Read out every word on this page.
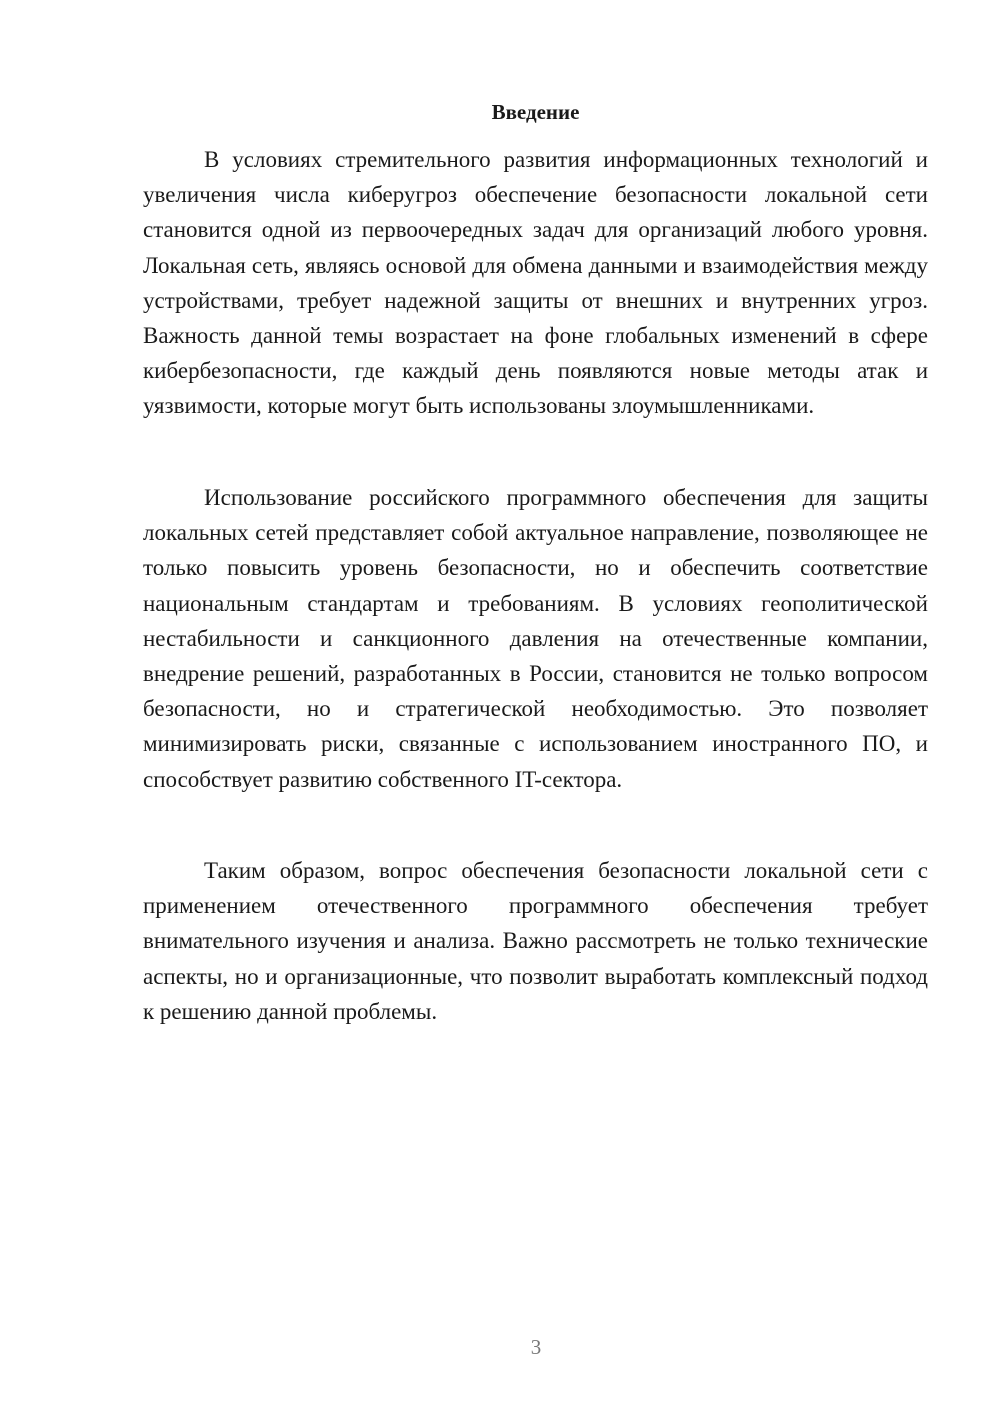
Введение

В условиях стремительного развития информационных технологий и увеличения числа киберугроз обеспечение безопасности локальной сети становится одной из первоочередных задач для организаций любого уровня. Локальная сеть, являясь основой для обмена данными и взаимодействия между устройствами, требует надежной защиты от внешних и внутренних угроз. Важность данной темы возрастает на фоне глобальных изменений в сфере кибербезопасности, где каждый день появляются новые методы атак и уязвимости, которые могут быть использованы злоумышленниками.

Использование российского программного обеспечения для защиты локальных сетей представляет собой актуальное направление, позволяющее не только повысить уровень безопасности, но и обеспечить соответствие национальным стандартам и требованиям. В условиях геополитической нестабильности и санкционного давления на отечественные компании, внедрение решений, разработанных в России, становится не только вопросом безопасности, но и стратегической необходимостью. Это позволяет минимизировать риски, связанные с использованием иностранного ПО, и способствует развитию собственного IT-сектора.

Таким образом, вопрос обеспечения безопасности локальной сети с применением отечественного программного обеспечения требует внимательного изучения и анализа. Важно рассмотреть не только технические аспекты, но и организационные, что позволит выработать комплексный подход к решению данной проблемы.

3
